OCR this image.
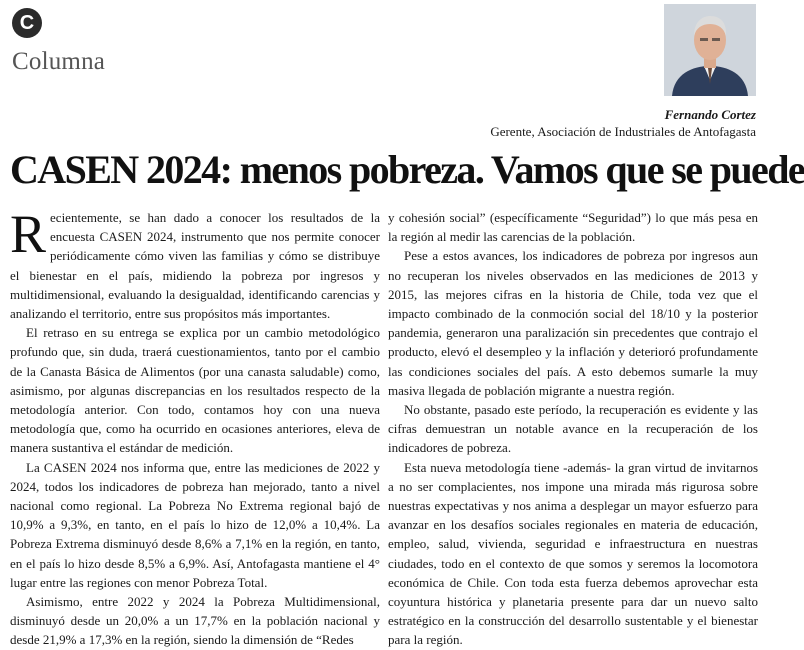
C
Columna
Fernando Cortez
Gerente, Asociación de Industriales de Antofagasta
CASEN 2024: menos pobreza. Vamos que se puede

Recientemente, se han dado a conocer los resultados de la encuesta CASEN 2024, instrumento que nos permite conocer periódicamente cómo viven las familias y cómo se distribuye el bienestar en el país, midiendo la pobreza por ingresos y multidimensional, evaluando la desigualdad, identificando carencias y analizando el territorio, entre sus propósitos más importantes.

El retraso en su entrega se explica por un cambio metodológico profundo que, sin duda, traerá cuestionamientos, tanto por el cambio de la Canasta Básica de Alimentos (por una canasta saludable) como, asimismo, por algunas discrepancias en los resultados respecto de la metodología anterior. Con todo, contamos hoy con una nueva metodología que, como ha ocurrido en ocasiones anteriores, eleva de manera sustantiva el estándar de medición.

La CASEN 2024 nos informa que, entre las mediciones de 2022 y 2024, todos los indicadores de pobreza han mejorado, tanto a nivel nacional como regional. La Pobreza No Extrema regional bajó de 10,9% a 9,3%, en tanto, en el país lo hizo de 12,0% a 10,4%. La Pobreza Extrema disminuyó desde 8,6% a 7,1% en la región, en tanto, en el país lo hizo desde 8,5% a 6,9%. Así, Antofagasta mantiene el 4° lugar entre las regiones con menor Pobreza Total.

Asimismo, entre 2022 y 2024 la Pobreza Multidimensional, disminuyó desde un 20,0% a un 17,7% en la población nacional y desde 21,9% a 17,3% en la región, siendo la dimensión de “Redes

y cohesión social” (específicamente “Seguridad”) lo que más pesa en la región al medir las carencias de la población.

Pese a estos avances, los indicadores de pobreza por ingresos aun no recuperan los niveles observados en las mediciones de 2013 y 2015, las mejores cifras en la historia de Chile, toda vez que el impacto combinado de la conmoción social del 18/10 y la posterior pandemia, generaron una paralización sin precedentes que contrajo el producto, elevó el desempleo y la inflación y deterioró profundamente las condiciones sociales del país. A esto debemos sumarle la muy masiva llegada de población migrante a nuestra región.

No obstante, pasado este período, la recuperación es evidente y las cifras demuestran un notable avance en la recuperación de los indicadores de pobreza.

Esta nueva metodología tiene -además- la gran virtud de invitarnos a no ser complacientes, nos impone una mirada más rigurosa sobre nuestras expectativas y nos anima a desplegar un mayor esfuerzo para avanzar en los desafíos sociales regionales en materia de educación, empleo, salud, vivienda, seguridad e infraestructura en nuestras ciudades, todo en el contexto de que somos y seremos la locomotora económica de Chile. Con toda esta fuerza debemos aprovechar esta coyuntura histórica y planetaria presente para dar un nuevo salto estratégico en la construcción del desarrollo sustentable y el bienestar para la región.
